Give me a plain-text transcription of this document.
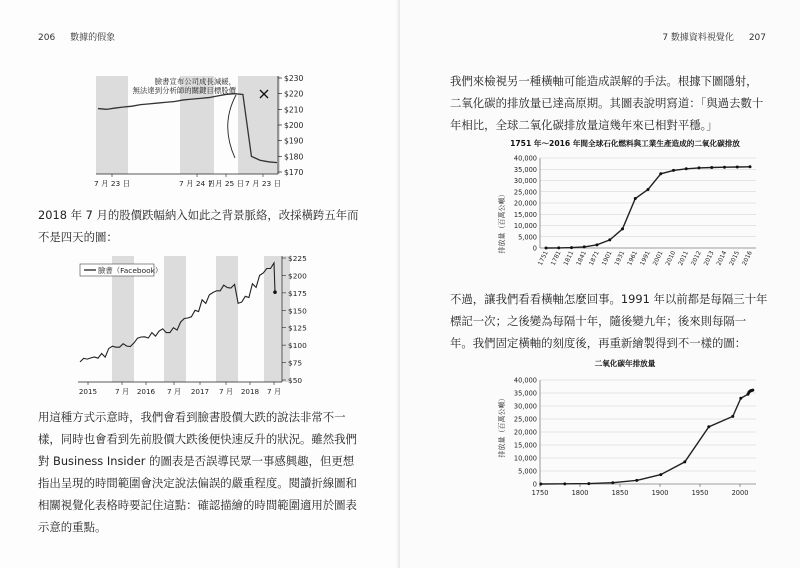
206 數據的假象
$230
$220
$210
$200
$190
$180
$170
7 月 23 日	7 月 24 日
7 月 25 日 7 月 23 日
臉書宣布公司成長減緩，
無法達到分析師的關鍵目標股價

2018 年 7 月的股價跌幅納入如此之背景脈絡，改採橫跨五年而不是四天的圖：

臉書（Facebook）
$225
$200
$175
$150
$125
$100
$75
$50
2015 7 月 2016 7 月 2017 7 月 2018 7 月

用這種方式示意時，我們會看到臉書股價大跌的說法非常不一樣，同時也會看到先前股價大跌後便快速反升的狀況。雖然我們對 Business Insider 的圖表是否誤導民眾一事感興趣，但更想指出呈現的時間範圍會決定說法偏誤的嚴重程度。閱讀折線圖和相關視覺化表格時要記住這點：確認描繪的時間範圍適用於圖表示意的重點。

7 數據資料視覺化 207

我們來檢視另一種橫軸可能造成誤解的手法。根據下圖隱射，二氧化碳的排放量已達高原期。其圖表說明寫道：「與過去數十年相比，全球二氧化碳排放量這幾年來已相對平穩。」

1751 年～2016 年間全球石化燃料與工業生產造成的二氧化碳排放
40,000
35,000
30,000
25,000
20,000
15,000
10,000
5,000
0
1751 1781 1811 1841 1871 1901 1931 1961 1991 2001 2010 2011 2012 2013 2014 2015 2016
排放量（百萬公噸）

不過，讓我們看看橫軸怎麼回事。1991 年以前都是每隔三十年標記一次；之後變為每隔十年，隨後變九年；後來則每隔一年。我們固定橫軸的刻度後，再重新繪製得到不一樣的圖：

二氧化碳年排放量
40,000
35,000
30,000
25,000
20,000
15,000
10,000
5,000
0
1750	1800	1850	1900	1950	2000
排放量（百萬公噸）
